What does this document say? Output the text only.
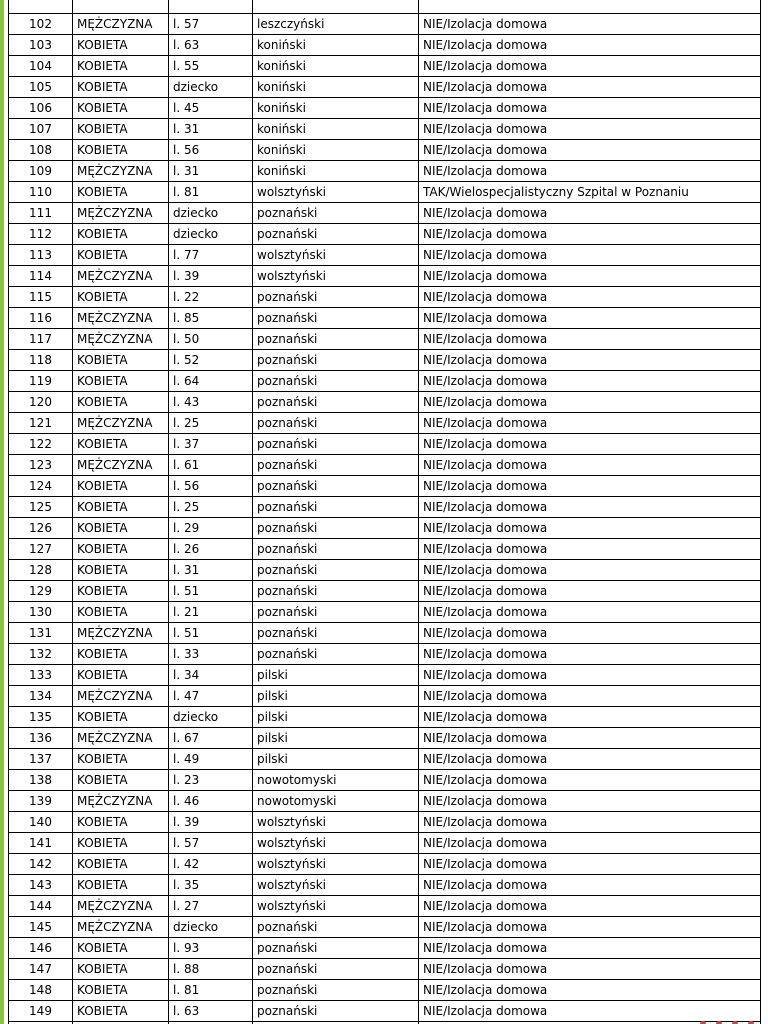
102	MĘŻCZYZNA	l. 57	leszczyński	NIE/Izolacja domowa
103	KOBIETA	l. 63	koniński	NIE/Izolacja domowa
104	KOBIETA	l. 55	koniński	NIE/Izolacja domowa
105	KOBIETA	dziecko	koniński	NIE/Izolacja domowa
106	KOBIETA	l. 45	koniński	NIE/Izolacja domowa
107	KOBIETA	l. 31	koniński	NIE/Izolacja domowa
108	KOBIETA	l. 56	koniński	NIE/Izolacja domowa
109	MĘŻCZYZNA	l. 31	koniński	NIE/Izolacja domowa
110	KOBIETA	l. 81	wolsztyński	TAK/Wielospecjalistyczny Szpital w Poznaniu
111	MĘŻCZYZNA	dziecko	poznański	NIE/Izolacja domowa
112	KOBIETA	dziecko	poznański	NIE/Izolacja domowa
113	KOBIETA	l. 77	wolsztyński	NIE/Izolacja domowa
114	MĘŻCZYZNA	l. 39	wolsztyński	NIE/Izolacja domowa
115	KOBIETA	l. 22	poznański	NIE/Izolacja domowa
116	MĘŻCZYZNA	l. 85	poznański	NIE/Izolacja domowa
117	MĘŻCZYZNA	l. 50	poznański	NIE/Izolacja domowa
118	KOBIETA	l. 52	poznański	NIE/Izolacja domowa
119	KOBIETA	l. 64	poznański	NIE/Izolacja domowa
120	KOBIETA	l. 43	poznański	NIE/Izolacja domowa
121	MĘŻCZYZNA	l. 25	poznański	NIE/Izolacja domowa
122	KOBIETA	l. 37	poznański	NIE/Izolacja domowa
123	MĘŻCZYZNA	l. 61	poznański	NIE/Izolacja domowa
124	KOBIETA	l. 56	poznański	NIE/Izolacja domowa
125	KOBIETA	l. 25	poznański	NIE/Izolacja domowa
126	KOBIETA	l. 29	poznański	NIE/Izolacja domowa
127	KOBIETA	l. 26	poznański	NIE/Izolacja domowa
128	KOBIETA	l. 31	poznański	NIE/Izolacja domowa
129	KOBIETA	l. 51	poznański	NIE/Izolacja domowa
130	KOBIETA	l. 21	poznański	NIE/Izolacja domowa
131	MĘŻCZYZNA	l. 51	poznański	NIE/Izolacja domowa
132	KOBIETA	l. 33	poznański	NIE/Izolacja domowa
133	KOBIETA	l. 34	pilski	NIE/Izolacja domowa
134	MĘŻCZYZNA	l. 47	pilski	NIE/Izolacja domowa
135	KOBIETA	dziecko	pilski	NIE/Izolacja domowa
136	MĘŻCZYZNA	l. 67	pilski	NIE/Izolacja domowa
137	KOBIETA	l. 49	pilski	NIE/Izolacja domowa
138	KOBIETA	l. 23	nowotomyski	NIE/Izolacja domowa
139	MĘŻCZYZNA	l. 46	nowotomyski	NIE/Izolacja domowa
140	KOBIETA	l. 39	wolsztyński	NIE/Izolacja domowa
141	KOBIETA	l. 57	wolsztyński	NIE/Izolacja domowa
142	KOBIETA	l. 42	wolsztyński	NIE/Izolacja domowa
143	KOBIETA	l. 35	wolsztyński	NIE/Izolacja domowa
144	MĘŻCZYZNA	l. 27	wolsztyński	NIE/Izolacja domowa
145	MĘŻCZYZNA	dziecko	poznański	NIE/Izolacja domowa
146	KOBIETA	l. 93	poznański	NIE/Izolacja domowa
147	KOBIETA	l. 88	poznański	NIE/Izolacja domowa
148	KOBIETA	l. 81	poznański	NIE/Izolacja domowa
149	KOBIETA	l. 63	poznański	NIE/Izolacja domowa
